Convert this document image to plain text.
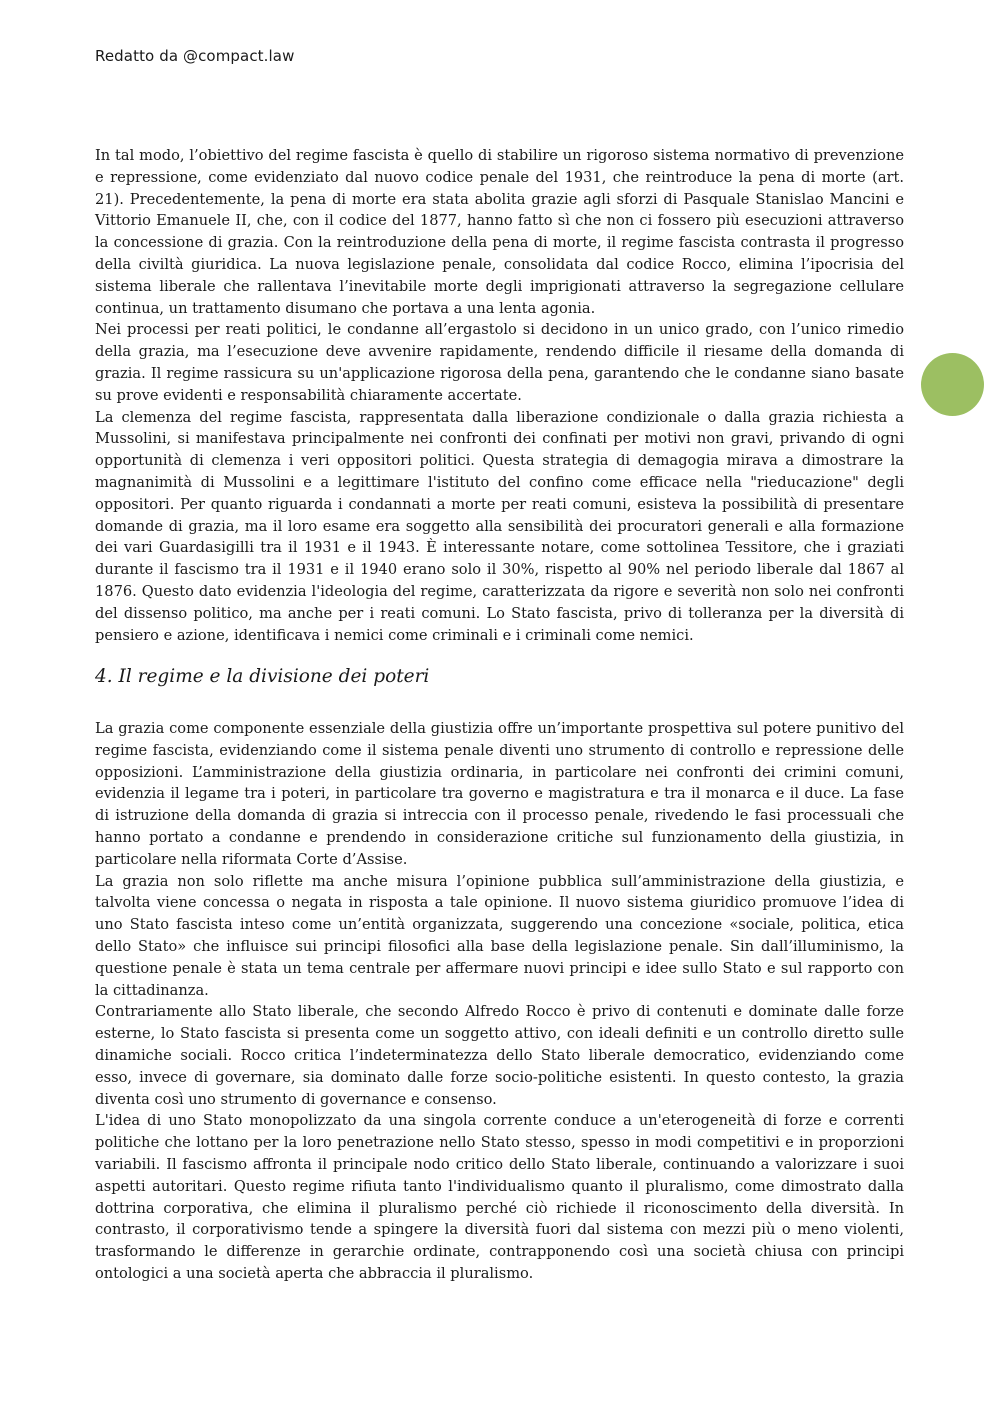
Redatto da @compact.law

In tal modo, l’obiettivo del regime fascista è quello di stabilire un rigoroso sistema normativo di prevenzione e repressione, come evidenziato dal nuovo codice penale del 1931, che reintroduce la pena di morte (art. 21). Precedentemente, la pena di morte era stata abolita grazie agli sforzi di Pasquale Stanislao Mancini e Vittorio Emanuele II, che, con il codice del 1877, hanno fatto sì che non ci fossero più esecuzioni attraverso la concessione di grazia. Con la reintroduzione della pena di morte, il regime fascista contrasta il progresso della civiltà giuridica. La nuova legislazione penale, consolidata dal codice Rocco, elimina l’ipocrisia del sistema liberale che rallentava l’inevitabile morte degli imprigionati attraverso la segregazione cellulare continua, un trattamento disumano che portava a una lenta agonia.

Nei processi per reati politici, le condanne all’ergastolo si decidono in un unico grado, con l’unico rimedio della grazia, ma l’esecuzione deve avvenire rapidamente, rendendo difficile il riesame della domanda di grazia. Il regime rassicura su un'applicazione rigorosa della pena, garantendo che le condanne siano basate su prove evidenti e responsabilità chiaramente accertate.

La clemenza del regime fascista, rappresentata dalla liberazione condizionale o dalla grazia richiesta a Mussolini, si manifestava principalmente nei confronti dei confinati per motivi non gravi, privando di ogni opportunità di clemenza i veri oppositori politici. Questa strategia di demagogia mirava a dimostrare la magnanimità di Mussolini e a legittimare l'istituto del confino come efficace nella "rieducazione" degli oppositori. Per quanto riguarda i condannati a morte per reati comuni, esisteva la possibilità di presentare domande di grazia, ma il loro esame era soggetto alla sensibilità dei procuratori generali e alla formazione dei vari Guardasigilli tra il 1931 e il 1943. È interessante notare, come sottolinea Tessitore, che i graziati durante il fascismo tra il 1931 e il 1940 erano solo il 30%, rispetto al 90% nel periodo liberale dal 1867 al 1876. Questo dato evidenzia l'ideologia del regime, caratterizzata da rigore e severità non solo nei confronti del dissenso politico, ma anche per i reati comuni. Lo Stato fascista, privo di tolleranza per la diversità di pensiero e azione, identificava i nemici come criminali e i criminali come nemici.

4. Il regime e la divisione dei poteri

La grazia come componente essenziale della giustizia offre un’importante prospettiva sul potere punitivo del regime fascista, evidenziando come il sistema penale diventi uno strumento di controllo e repressione delle opposizioni. L’amministrazione della giustizia ordinaria, in particolare nei confronti dei crimini comuni, evidenzia il legame tra i poteri, in particolare tra governo e magistratura e tra il monarca e il duce. La fase di istruzione della domanda di grazia si intreccia con il processo penale, rivedendo le fasi processuali che hanno portato a condanne e prendendo in considerazione critiche sul funzionamento della giustizia, in particolare nella riformata Corte d’Assise.

La grazia non solo riflette ma anche misura l’opinione pubblica sull’amministrazione della giustizia, e talvolta viene concessa o negata in risposta a tale opinione. Il nuovo sistema giuridico promuove l’idea di uno Stato fascista inteso come un’entità organizzata, suggerendo una concezione «sociale, politica, etica dello Stato» che influisce sui principi filosofici alla base della legislazione penale. Sin dall’illuminismo, la questione penale è stata un tema centrale per affermare nuovi principi e idee sullo Stato e sul rapporto con la cittadinanza.

Contrariamente allo Stato liberale, che secondo Alfredo Rocco è privo di contenuti e dominate dalle forze esterne, lo Stato fascista si presenta come un soggetto attivo, con ideali definiti e un controllo diretto sulle dinamiche sociali. Rocco critica l’indeterminatezza dello Stato liberale democratico, evidenziando come esso, invece di governare, sia dominato dalle forze socio-politiche esistenti. In questo contesto, la grazia diventa così uno strumento di governance e consenso.

L'idea di uno Stato monopolizzato da una singola corrente conduce a un'eterogeneità di forze e correnti politiche che lottano per la loro penetrazione nello Stato stesso, spesso in modi competitivi e in proporzioni variabili. Il fascismo affronta il principale nodo critico dello Stato liberale, continuando a valorizzare i suoi aspetti autoritari. Questo regime rifiuta tanto l'individualismo quanto il pluralismo, come dimostrato dalla dottrina corporativa, che elimina il pluralismo perché ciò richiede il riconoscimento della diversità. In contrasto, il corporativismo tende a spingere la diversità fuori dal sistema con mezzi più o meno violenti, trasformando le differenze in gerarchie ordinate, contrapponendo così una società chiusa con principi ontologici a una società aperta che abbraccia il pluralismo.
